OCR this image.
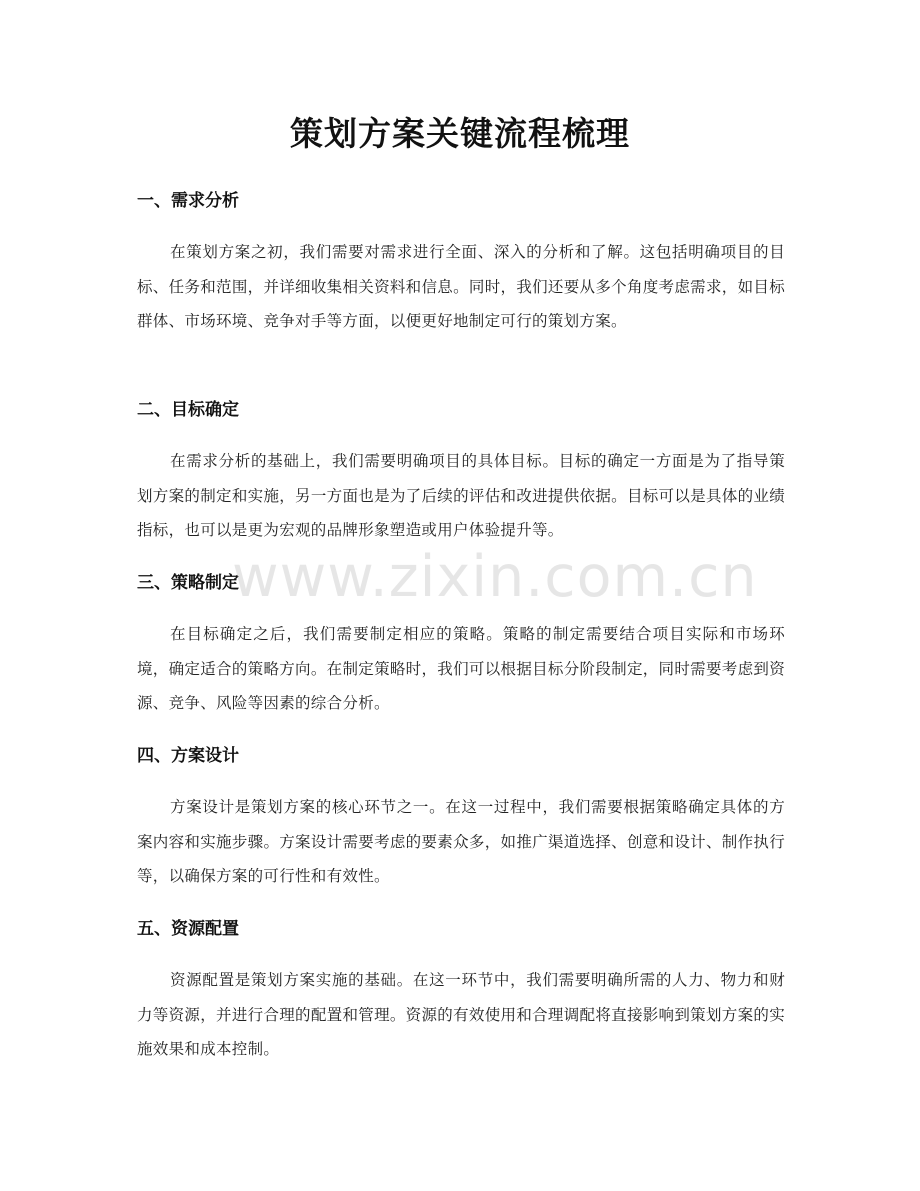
策划方案关键流程梳理
一、需求分析

在策划方案之初，我们需要对需求进行全面、深入的分析和了解。这包括明确项目的目标、任务和范围，并详细收集相关资料和信息。同时，我们还要从多个角度考虑需求，如目标群体、市场环境、竞争对手等方面，以便更好地制定可行的策划方案。

二、目标确定

在需求分析的基础上，我们需要明确项目的具体目标。目标的确定一方面是为了指导策划方案的制定和实施，另一方面也是为了后续的评估和改进提供依据。目标可以是具体的业绩指标，也可以是更为宏观的品牌形象塑造或用户体验提升等。

三、策略制定

在目标确定之后，我们需要制定相应的策略。策略的制定需要结合项目实际和市场环境，确定适合的策略方向。在制定策略时，我们可以根据目标分阶段制定，同时需要考虑到资源、竞争、风险等因素的综合分析。

四、方案设计

方案设计是策划方案的核心环节之一。在这一过程中，我们需要根据策略确定具体的方案内容和实施步骤。方案设计需要考虑的要素众多，如推广渠道选择、创意和设计、制作执行等，以确保方案的可行性和有效性。

五、资源配置

资源配置是策划方案实施的基础。在这一环节中，我们需要明确所需的人力、物力和财力等资源，并进行合理的配置和管理。资源的有效使用和合理调配将直接影响到策划方案的实施效果和成本控制。

www.zixin.com.cn
